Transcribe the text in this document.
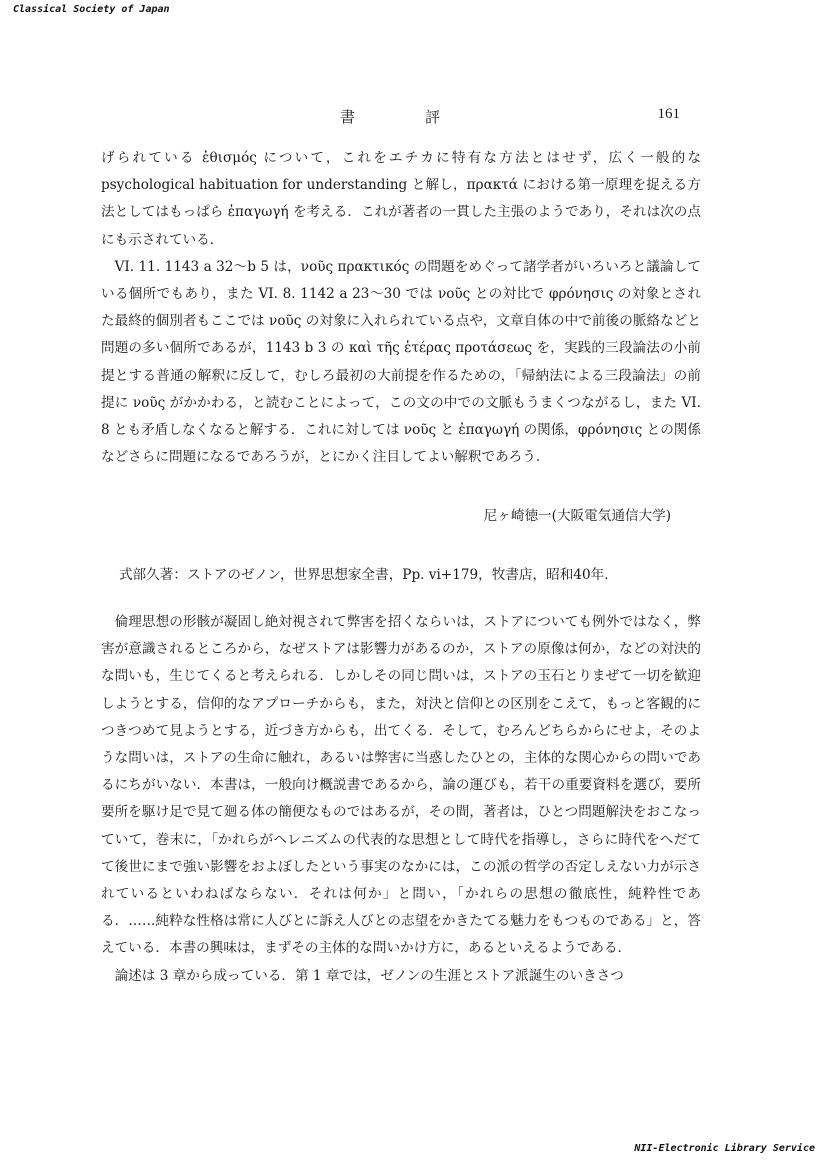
Classical Society of Japan
書評	161

げられている ἐθισμός について，これをエチカに特有な方法とはせず，広く一般的な psychological habituation for understanding と解し，πρακτά における第一原理を捉える方法としてはもっぱら ἐπαγωγή を考える．これが著者の一貫した主張のようであり，それは次の点にも示されている．

VI. 11. 1143 a 32～b 5 は，νοῦς πρακτικός の問題をめぐって諸学者がいろいろと議論している個所でもあり，また VI. 8. 1142 a 23～30 では νοῦς との対比で φρόνησις の対象とされた最終的個別者もここでは νοῦς の対象に入れられている点や，文章自体の中で前後の脈絡などと問題の多い個所であるが，1143 b 3 の καὶ τῆς ἑτέρας προτάσεως を，実践的三段論法の小前提とする普通の解釈に反して，むしろ最初の大前提を作るための，「帰納法による三段論法」の前提に νοῦς がかかわる，と読むことによって，この文の中での文脈もうまくつながるし，また VI. 8 とも矛盾しなくなると解する．これに対しては νοῦς と ἐπαγωγή の関係，φρόνησις との関係などさらに問題になるであろうが，とにかく注目してよい解釈であろう．

尼ヶ崎徳一(大阪電気通信大学)
式部久著：ストアのゼノン，世界思想家全書，Pp. vi+179，牧書店，昭和40年．

倫理思想の形骸が凝固し絶対視されて弊害を招くならいは，ストアについても例外ではなく，弊害が意識されるところから，なぜストアは影響力があるのか，ストアの原像は何か，などの対決的な問いも，生じてくると考えられる．しかしその同じ問いは，ストアの玉石とりまぜて一切を歓迎しようとする，信仰的なアプローチからも，また，対決と信仰との区別をこえて，もっと客観的につきつめて見ようとする，近づき方からも，出てくる．そして，むろんどちらからにせよ，そのような問いは，ストアの生命に触れ，あるいは弊害に当惑したひとの，主体的な関心からの問いであるにちがいない．本書は，一般向け概説書であるから，論の運びも，若干の重要資料を選び，要所要所を駆け足で見て廻る体の簡便なものではあるが，その間，著者は，ひとつ問題解決をおこなっていて，巻末に，「かれらがヘレニズムの代表的な思想として時代を指導し，さらに時代をへだてて後世にまで強い影響をおよぼしたという事実のなかには，この派の哲学の否定しえない力が示されているといわねばならない．それは何か」と問い，「かれらの思想の徹底性，純粋性である．……純粋な性格は常に人びとに訴え人びとの志望をかきたてる魅力をもつものである」と，答えている．本書の興味は，まずその主体的な問いかけ方に，あるといえるようである．

論述は 3 章から成っている．第 1 章では，ゼノンの生涯とストア派誕生のいきさつ

NII-Electronic Library Service
